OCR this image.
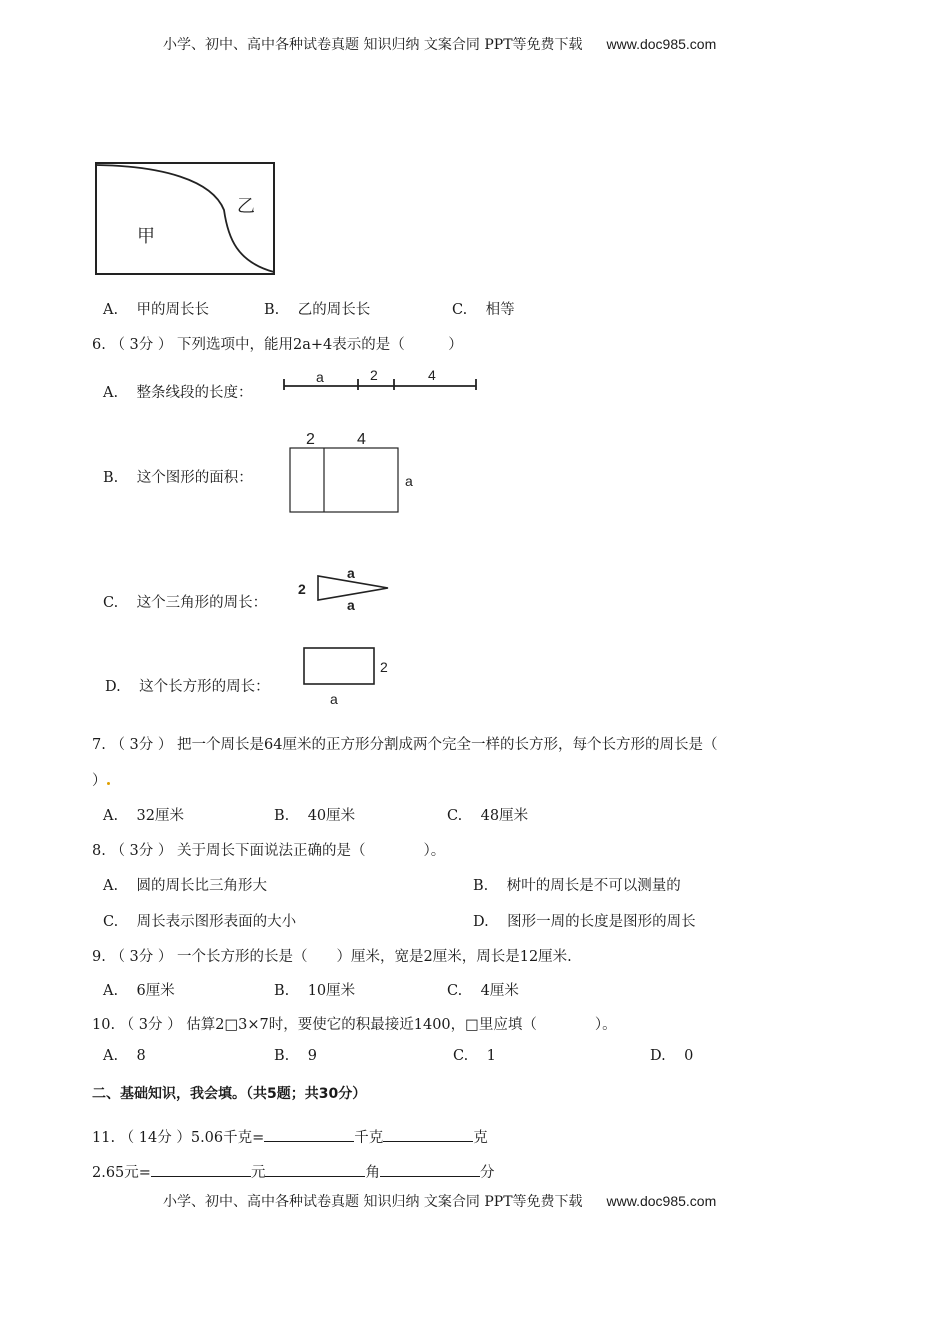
小学、初中、高中各种试卷真题 知识归纳 文案合同 PPT等免费下载 www.doc985.com
甲
乙
A. 甲的周长长	B. 乙的周长长	C. 相等
6. （ 3分 ） 下列选项中，能用2a+4表示的是（　　　）
A. 整条线段的长度：
a	2	4
B. 这个图形的面积：
2	4
a
C. 这个三角形的周长：
2
a
a
D. 这个长方形的周长：
2
a
7. （ 3分 ） 把一个周长是64厘米的正方形分割成两个完全一样的长方形，每个长方形的周长是（
）
A. 32厘米	B. 40厘米	C. 48厘米
8. （ 3分 ） 关于周长下面说法正确的是（　　　　）。
A. 圆的周长比三角形大	B. 树叶的周长是不可以测量的
C. 周长表示图形表面的大小	D. 图形一周的长度是图形的周长
9. （ 3分 ） 一个长方形的长是（　　）厘米，宽是2厘米，周长是12厘米.
A. 6厘米	B. 10厘米	C. 4厘米
10. （ 3分 ） 估算2□3×7时，要使它的积最接近1400，□里应填（　　　　）。
A. 8	B. 9	C. 1	D. 0
二、基础知识，我会填。（共5题；共30分）
11. （ 14分 ）5.06千克=	千克	克
2.65元=	元	角	分
小学、初中、高中各种试卷真题 知识归纳 文案合同 PPT等免费下载 www.doc985.com
